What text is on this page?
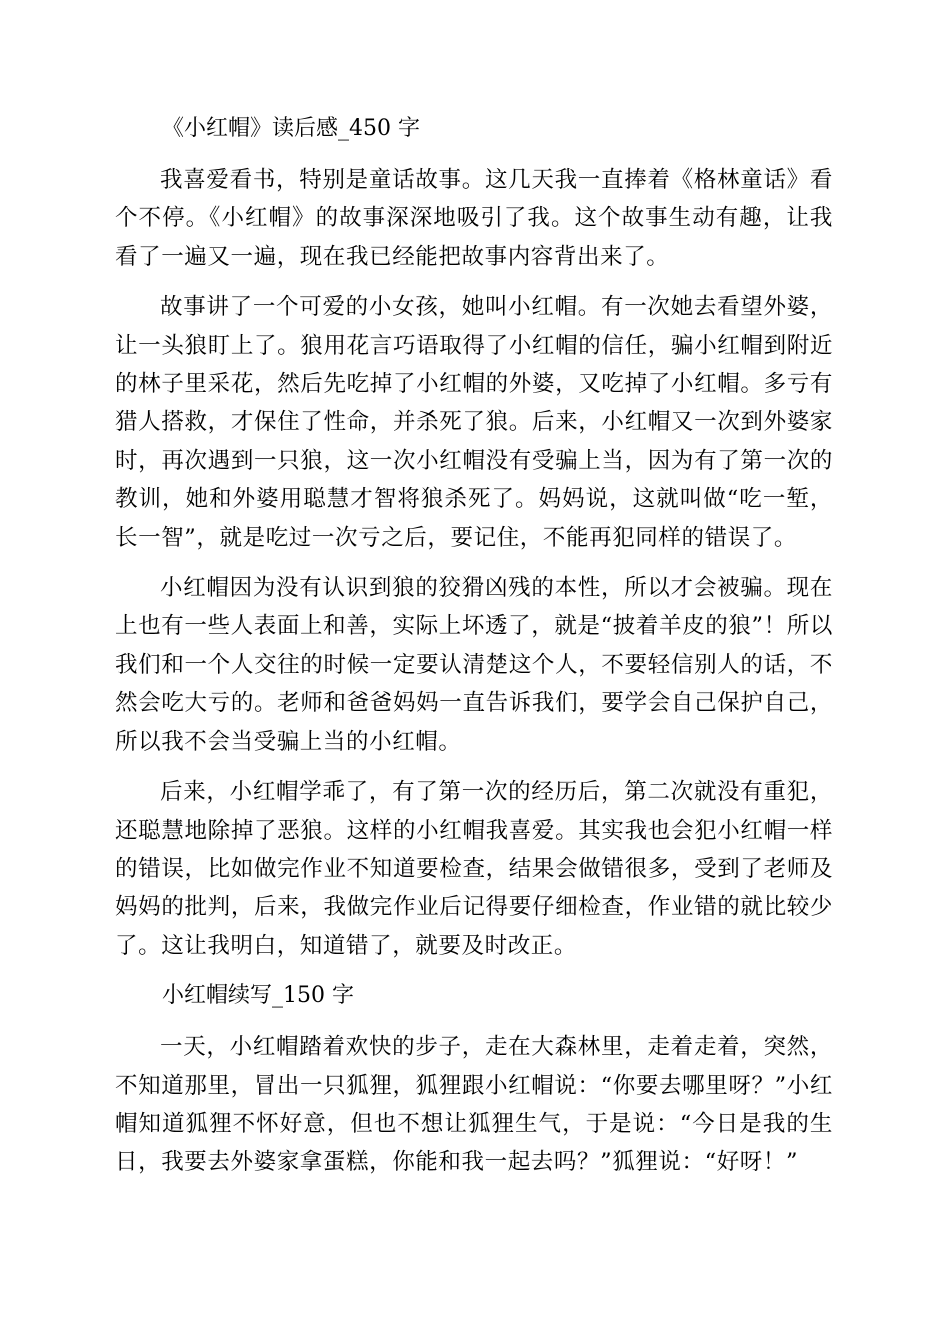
《小红帽》读后感_450 字

我喜爱看书，特别是童话故事。这几天我一直捧着《格林童话》看个不停。《小红帽》的故事深深地吸引了我。这个故事生动有趣，让我看了一遍又一遍，现在我已经能把故事内容背出来了。

故事讲了一个可爱的小女孩，她叫小红帽。有一次她去看望外婆，让一头狼盯上了。狼用花言巧语取得了小红帽的信任，骗小红帽到附近的林子里采花，然后先吃掉了小红帽的外婆，又吃掉了小红帽。多亏有猎人搭救，才保住了性命，并杀死了狼。后来，小红帽又一次到外婆家时，再次遇到一只狼，这一次小红帽没有受骗上当，因为有了第一次的教训，她和外婆用聪慧才智将狼杀死了。妈妈说，这就叫做“吃一堑，长一智”，就是吃过一次亏之后，要记住，不能再犯同样的错误了。

小红帽因为没有认识到狼的狡猾凶残的本性，所以才会被骗。现在上也有一些人表面上和善，实际上坏透了，就是“披着羊皮的狼”！所以我们和一个人交往的时候一定要认清楚这个人，不要轻信别人的话，不然会吃大亏的。老师和爸爸妈妈一直告诉我们，要学会自己保护自己，所以我不会当受骗上当的小红帽。

后来，小红帽学乖了，有了第一次的经历后，第二次就没有重犯，还聪慧地除掉了恶狼。这样的小红帽我喜爱。其实我也会犯小红帽一样的错误，比如做完作业不知道要检查，结果会做错很多，受到了老师及妈妈的批判，后来，我做完作业后记得要仔细检查，作业错的就比较少了。这让我明白，知道错了，就要及时改正。

小红帽续写_150 字

一天，小红帽踏着欢快的步子，走在大森林里，走着走着，突然，不知道那里，冒出一只狐狸，狐狸跟小红帽说：“你要去哪里呀？”小红帽知道狐狸不怀好意，但也不想让狐狸生气，于是说：“今日是我的生日，我要去外婆家拿蛋糕，你能和我一起去吗？”狐狸说：“好呀！”
